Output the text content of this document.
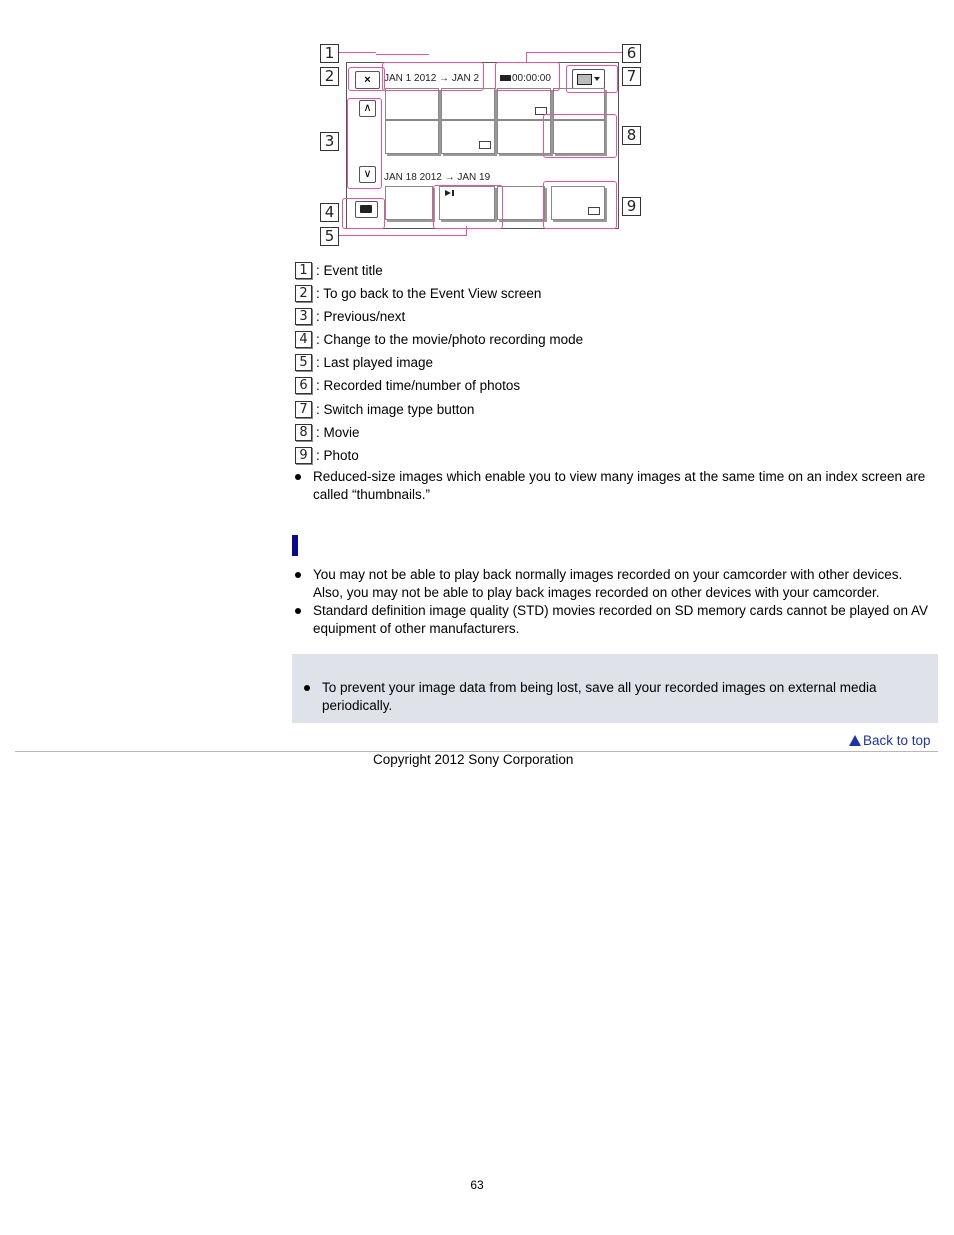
1
2
3
4
5
6
7
8
9
×	JAN 1 2012 → JAN 2	00:00:00
∧
∨	JAN 18 2012 → JAN 19
1 : Event title
2 : To go back to the Event View screen
3 : Previous/next
4 : Change to the movie/photo recording mode
5 : Last played image
6 : Recorded time/number of photos
7 : Switch image type button
8 : Movie
9 : Photo
Reduced-size images which enable you to view many images at the same time on an index screen are called “thumbnails.”
You may not be able to play back normally images recorded on your camcorder with other devices. Also, you may not be able to play back images recorded on other devices with your camcorder.
Standard definition image quality (STD) movies recorded on SD memory cards cannot be played on AV equipment of other manufacturers.
To prevent your image data from being lost, save all your recorded images on external media periodically.
Back to top
Copyright 2012 Sony Corporation
63
